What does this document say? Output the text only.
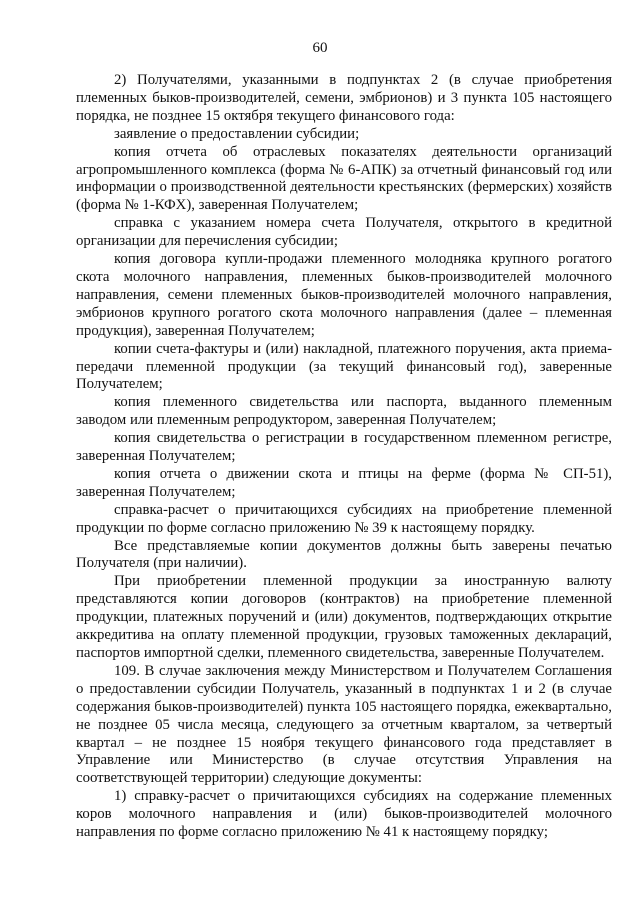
60

2) Получателями, указанными в подпунктах 2 (в случае приобретения племенных быков-производителей, семени, эмбрионов) и 3 пункта 105 настоящего порядка, не позднее 15 октября текущего финансового года:

заявление о предоставлении субсидии;

копия отчета об отраслевых показателях деятельности организаций агропромышленного комплекса (форма № 6-АПК) за отчетный финансовый год или информации о производственной деятельности крестьянских (фермерских) хозяйств (форма № 1-КФХ), заверенная Получателем;

справка с указанием номера счета Получателя, открытого в кредитной организации для перечисления субсидии;

копия договора купли-продажи племенного молодняка крупного рогатого скота молочного направления, племенных быков-производителей молочного направления, семени племенных быков-производителей молочного направления, эмбрионов крупного рогатого скота молочного направления (далее – племенная продукция), заверенная Получателем;

копии счета-фактуры и (или) накладной, платежного поручения, акта приема-передачи племенной продукции (за текущий финансовый год), заверенные Получателем;

копия племенного свидетельства или паспорта, выданного племенным заводом или племенным репродуктором, заверенная Получателем;

копия свидетельства о регистрации в государственном племенном регистре, заверенная Получателем;

копия отчета о движении скота и птицы на ферме (форма № СП-51), заверенная Получателем;

справка-расчет о причитающихся субсидиях на приобретение племенной продукции по форме согласно приложению № 39 к настоящему порядку.

Все представляемые копии документов должны быть заверены печатью Получателя (при наличии).

При приобретении племенной продукции за иностранную валюту представляются копии договоров (контрактов) на приобретение племенной продукции, платежных поручений и (или) документов, подтверждающих открытие аккредитива на оплату племенной продукции, грузовых таможенных деклараций, паспортов импортной сделки, племенного свидетельства, заверенные Получателем.

109. В случае заключения между Министерством и Получателем Соглашения о предоставлении субсидии Получатель, указанный в подпунктах 1 и 2 (в случае содержания быков-производителей) пункта 105 настоящего порядка, ежеквартально, не позднее 05 числа месяца, следующего за отчетным кварталом, за четвертый квартал – не позднее 15 ноября текущего финансового года представляет в Управление или Министерство (в случае отсутствия Управления на соответствующей территории) следующие документы:

1) справку-расчет о причитающихся субсидиях на содержание племенных коров молочного направления и (или) быков-производителей молочного направления по форме согласно приложению № 41 к настоящему порядку;
